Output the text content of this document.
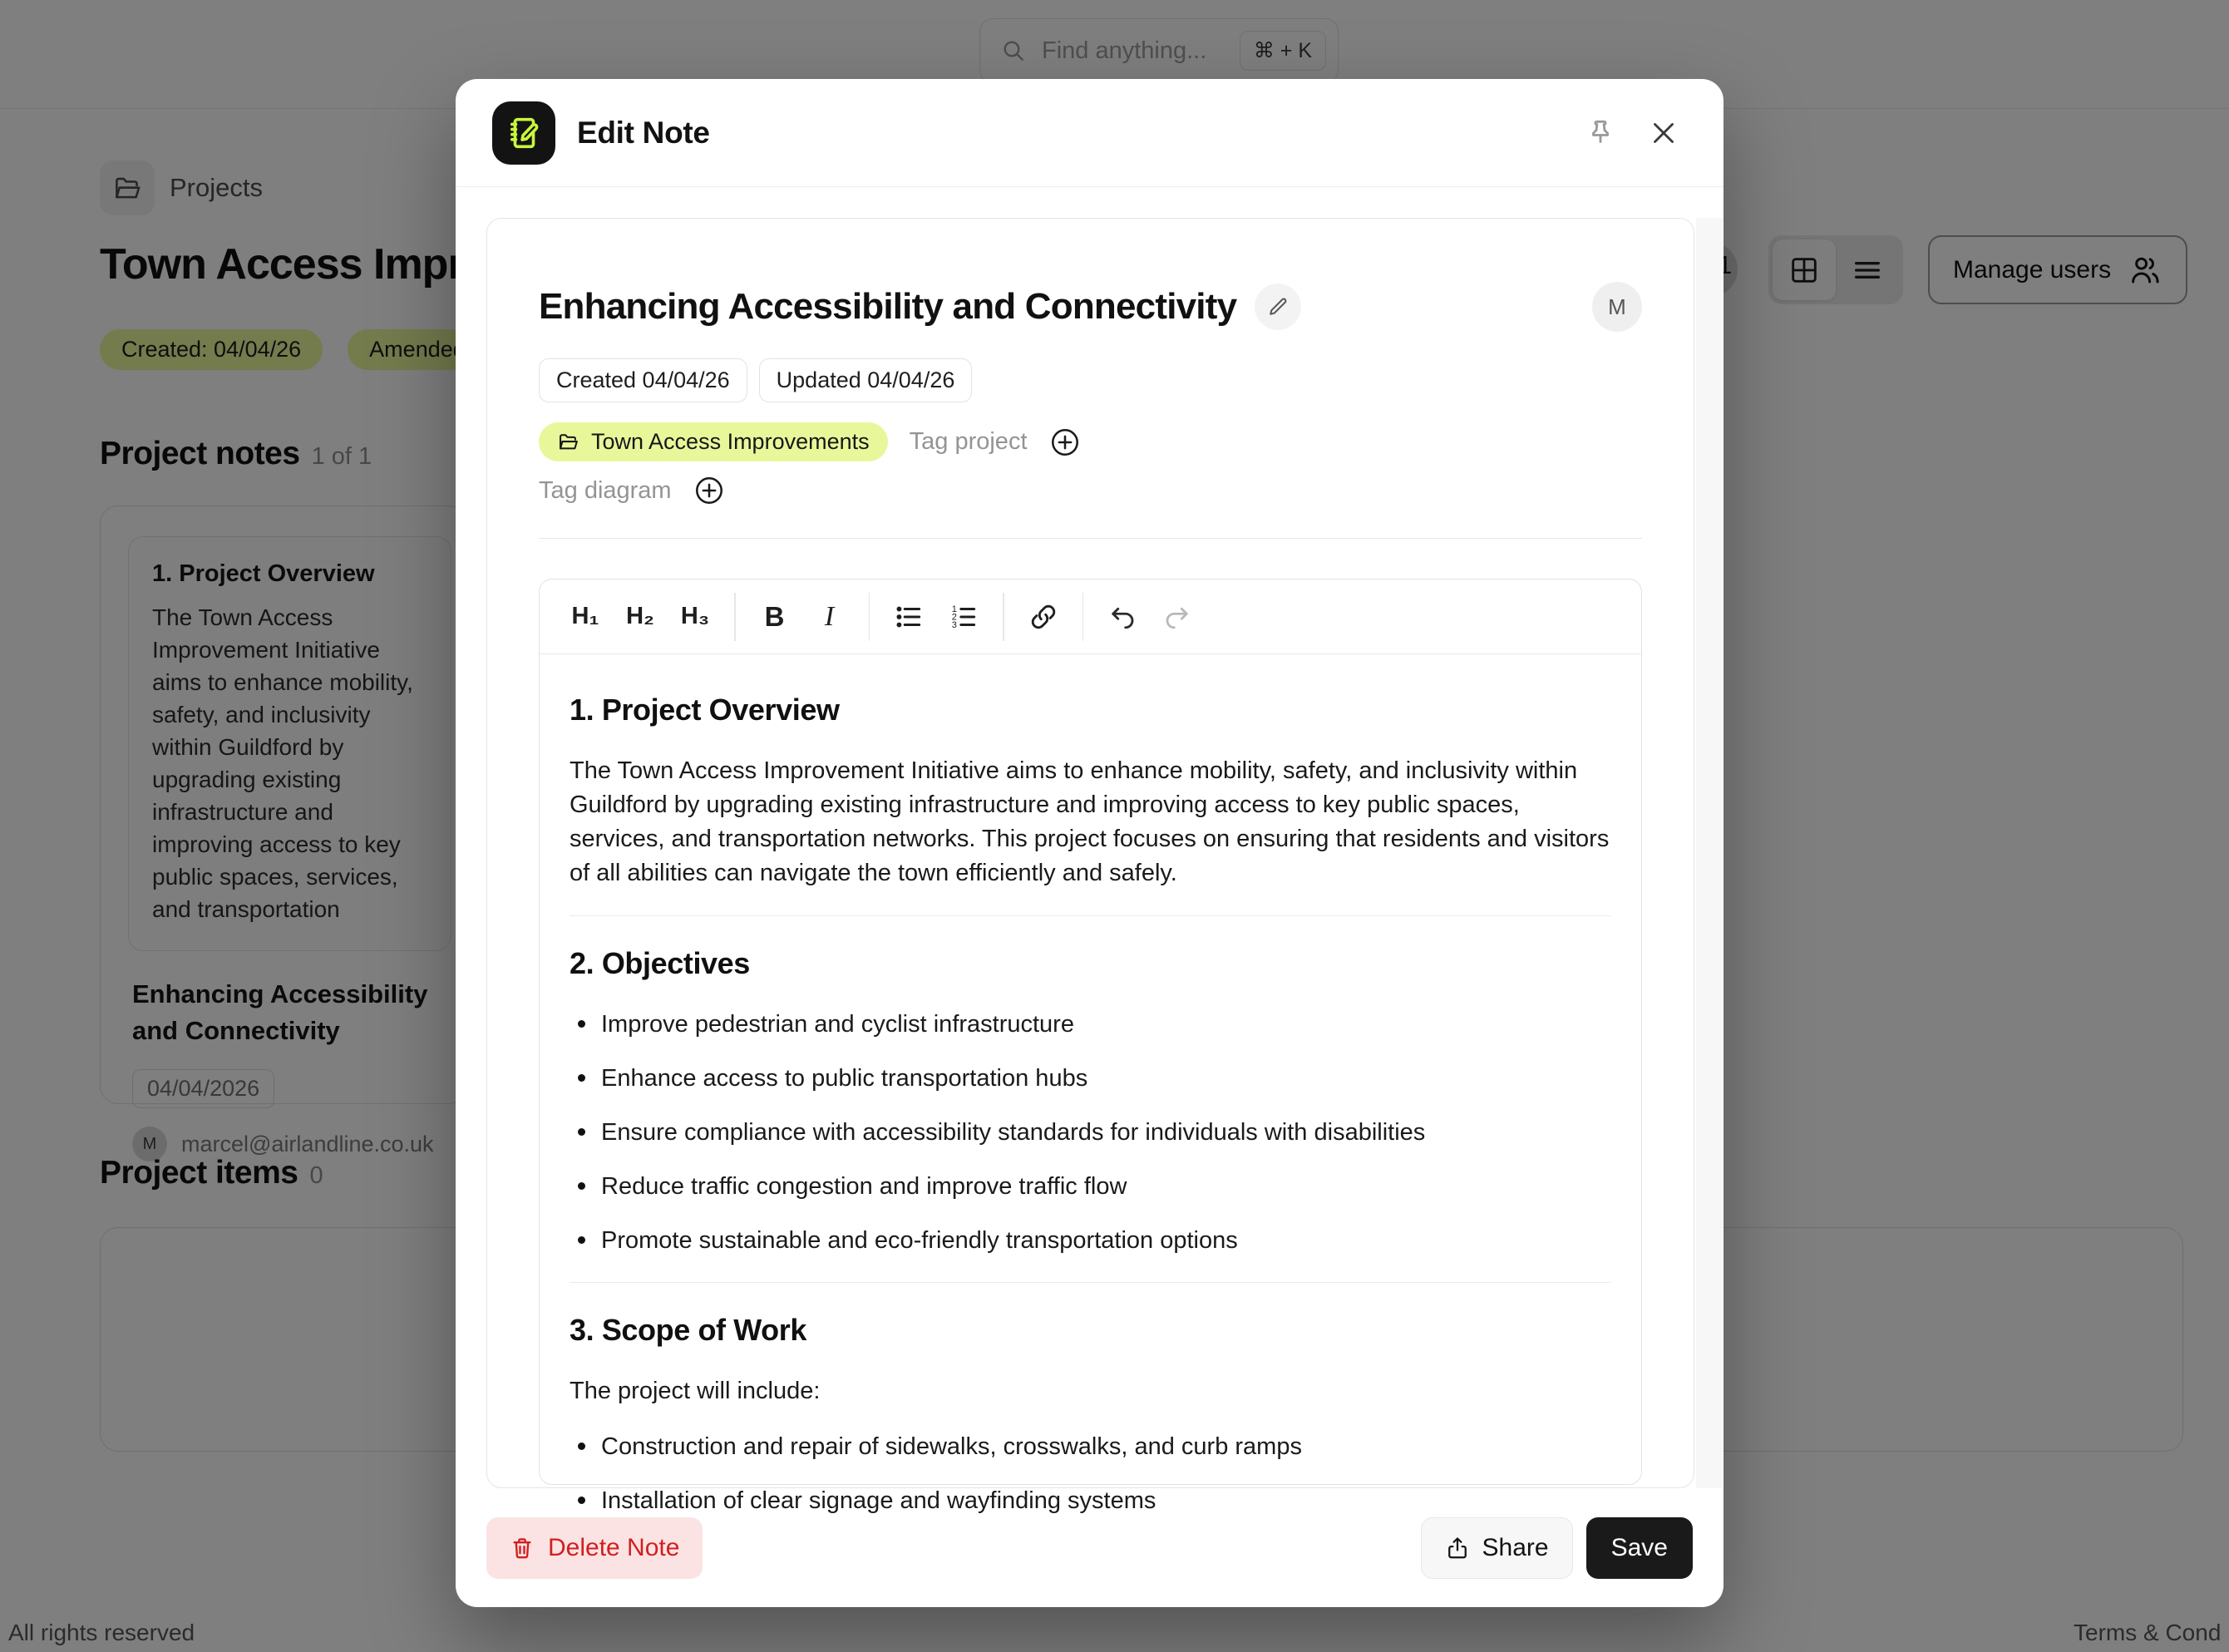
Edit Note
Enhancing Accessibility and Connectivity	M
Created 04/04/26	Updated 04/04/26
Town Access Improvements Tag project
Tag diagram
H₁	H₂	H₃	B	I	1
2
3
1. Project Overview

The Town Access Improvement Initiative aims to enhance mobility, safety, and inclusivity within Guildford by upgrading existing infrastructure and improving access to key public spaces, services, and transportation networks. This project focuses on ensuring that residents and visitors of all abilities can navigate the town efficiently and safely.

2. Objectives
Improve pedestrian and cyclist infrastructure
Enhance access to public transportation hubs
Ensure compliance with accessibility standards for individuals with disabilities
Reduce traffic congestion and improve traffic flow
Promote sustainable and eco-friendly transportation options
3. Scope of Work

The project will include:

Construction and repair of sidewalks, crosswalks, and curb ramps
Installation of clear signage and wayfinding systems
Delete Note	Share	Save
